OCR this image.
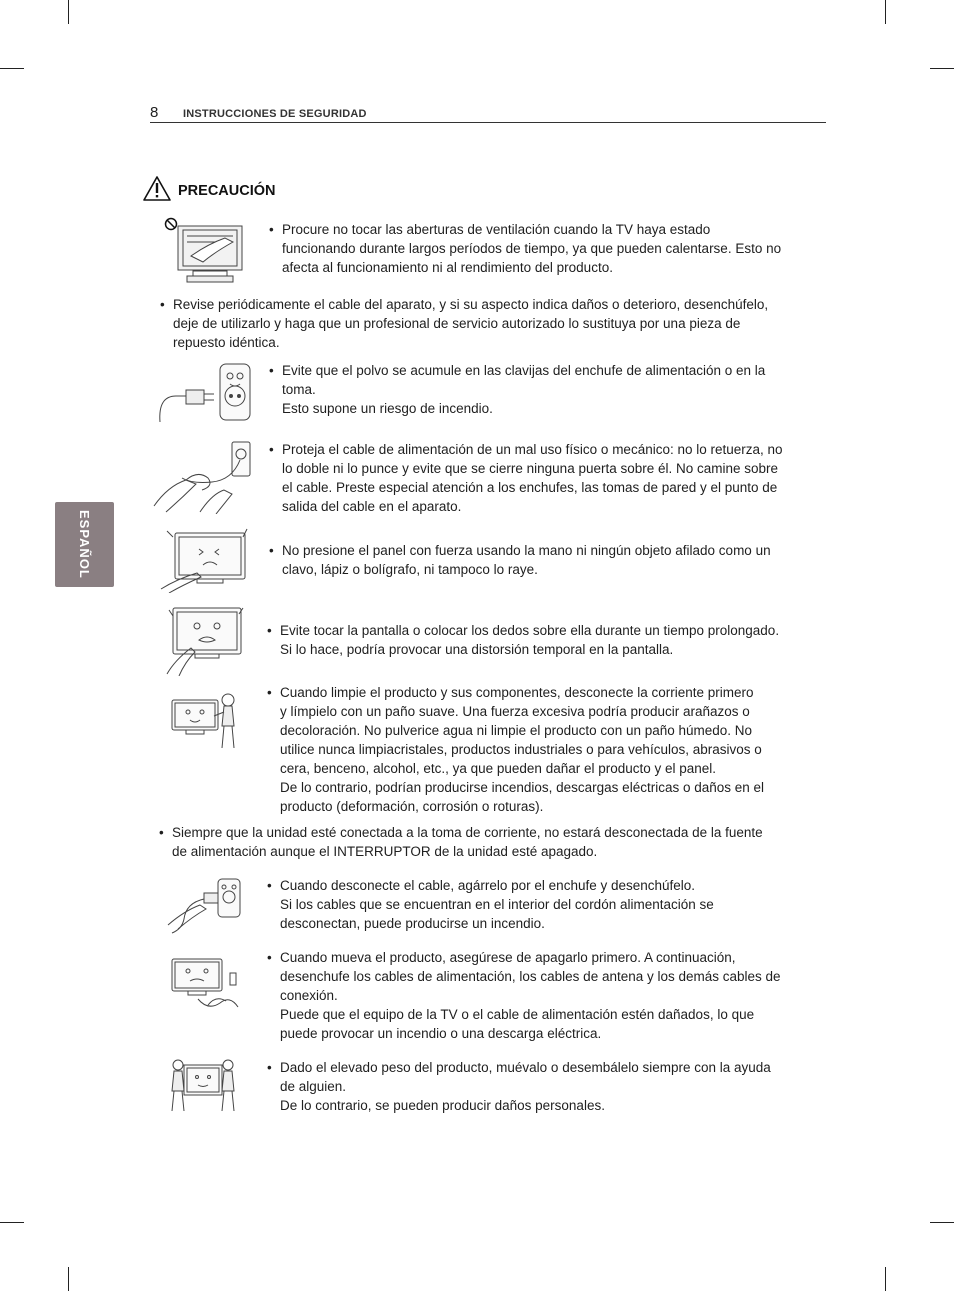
8 INSTRUCCIONES DE SEGURIDAD
ESPAÑOL
PRECAUCIÓN
• Procure no tocar las aberturas de ventilación cuando la TV haya estado
funcionando durante largos períodos de tiempo, ya que pueden calentarse. Esto no
afecta al funcionamiento ni al rendimiento del producto.
• Revise periódicamente el cable del aparato, y si su aspecto indica daños o deterioro, desenchúfelo,
deje de utilizarlo y haga que un profesional de servicio autorizado lo sustituya por una pieza de
repuesto idéntica.
• Evite que el polvo se acumule en las clavijas del enchufe de alimentación o en la
toma.
Esto supone un riesgo de incendio.
• Proteja el cable de alimentación de un mal uso físico o mecánico: no lo retuerza, no
lo doble ni lo punce y evite que se cierre ninguna puerta sobre él. No camine sobre
el cable. Preste especial atención a los enchufes, las tomas de pared y el punto de
salida del cable en el aparato.
• No presione el panel con fuerza usando la mano ni ningún objeto afilado como un
clavo, lápiz o bolígrafo, ni tampoco lo raye.
• Evite tocar la pantalla o colocar los dedos sobre ella durante un tiempo prolongado.
Si lo hace, podría provocar una distorsión temporal en la pantalla.
• Cuando limpie el producto y sus componentes, desconecte la corriente primero
y límpielo con un paño suave. Una fuerza excesiva podría producir arañazos o
decoloración. No pulverice agua ni limpie el producto con un paño húmedo. No
utilice nunca limpiacristales, productos industriales o para vehículos, abrasivos o
cera, benceno, alcohol, etc., ya que pueden dañar el producto y el panel.
De lo contrario, podrían producirse incendios, descargas eléctricas o daños en el
producto (deformación, corrosión o roturas).
• Siempre que la unidad esté conectada a la toma de corriente, no estará desconectada de la fuente
de alimentación aunque el INTERRUPTOR de la unidad esté apagado.
• Cuando desconecte el cable, agárrelo por el enchufe y desenchúfelo.
Si los cables que se encuentran en el interior del cordón alimentación se
desconectan, puede producirse un incendio.
• Cuando mueva el producto, asegúrese de apagarlo primero. A continuación,
desenchufe los cables de alimentación, los cables de antena y los demás cables de
conexión.
Puede que el equipo de la TV o el cable de alimentación estén dañados, lo que
puede provocar un incendio o una descarga eléctrica.
• Dado el elevado peso del producto, muévalo o desembálelo siempre con la ayuda
de alguien.
De lo contrario, se pueden producir daños personales.
